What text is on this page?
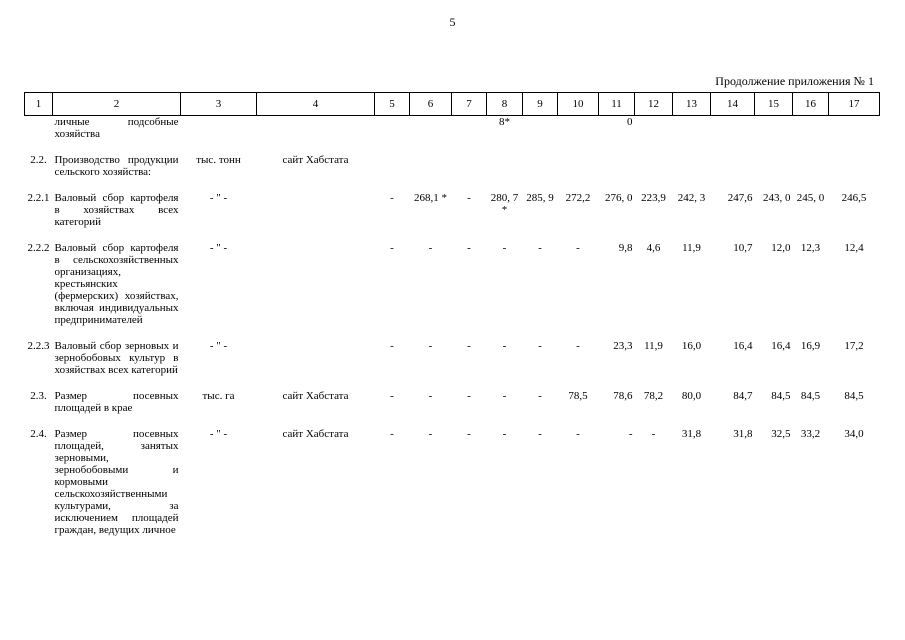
5
Продолжение приложения № 1
1	2	3	4	5	6	7	8	9	10	11	12	13	14	15	16	17
	личные подсобные хозяйства						8*			0						

2.2.	Производство продукции сельского хозяйства:	тыс. тонн	сайт Хабстата													

2.2.1	Валовый сбор картофеля в хозяйствах всех категорий	- " -		-	268,1 *	-	280, 7*	285, 9	272,2	276, 0	223,9	242, 3	247,6	243, 0	245, 0	246,5

2.2.2	Валовый сбор картофеля в сельскохозяйственных организациях, крестьянских (фермерских) хозяйствах, включая индивидуальных предпринимателей	- " -		-	-	-	-	-	-	9,8	4,6	11,9	10,7	12,0	12,3	12,4

2.2.3	Валовый сбор зерновых и зернобобовых культур в хозяйствах всех категорий	- " -		-	-	-	-	-	-	23,3	11,9	16,0	16,4	16,4	16,9	17,2

2.3.	Размер посевных площадей в крае	тыс. га	сайт Хабстата	-	-	-	-	-	78,5	78,6	78,2	80,0	84,7	84,5	84,5	84,5

2.4.	Размер посевных площадей, занятых зерновыми, зернобобовыми и кормовыми сельскохозяйственными культурами, за исключением площадей граждан, ведущих личное	- " -	сайт Хабстата	-	-	-	-	-	-	-	-	31,8	31,8	32,5	33,2	34,0
